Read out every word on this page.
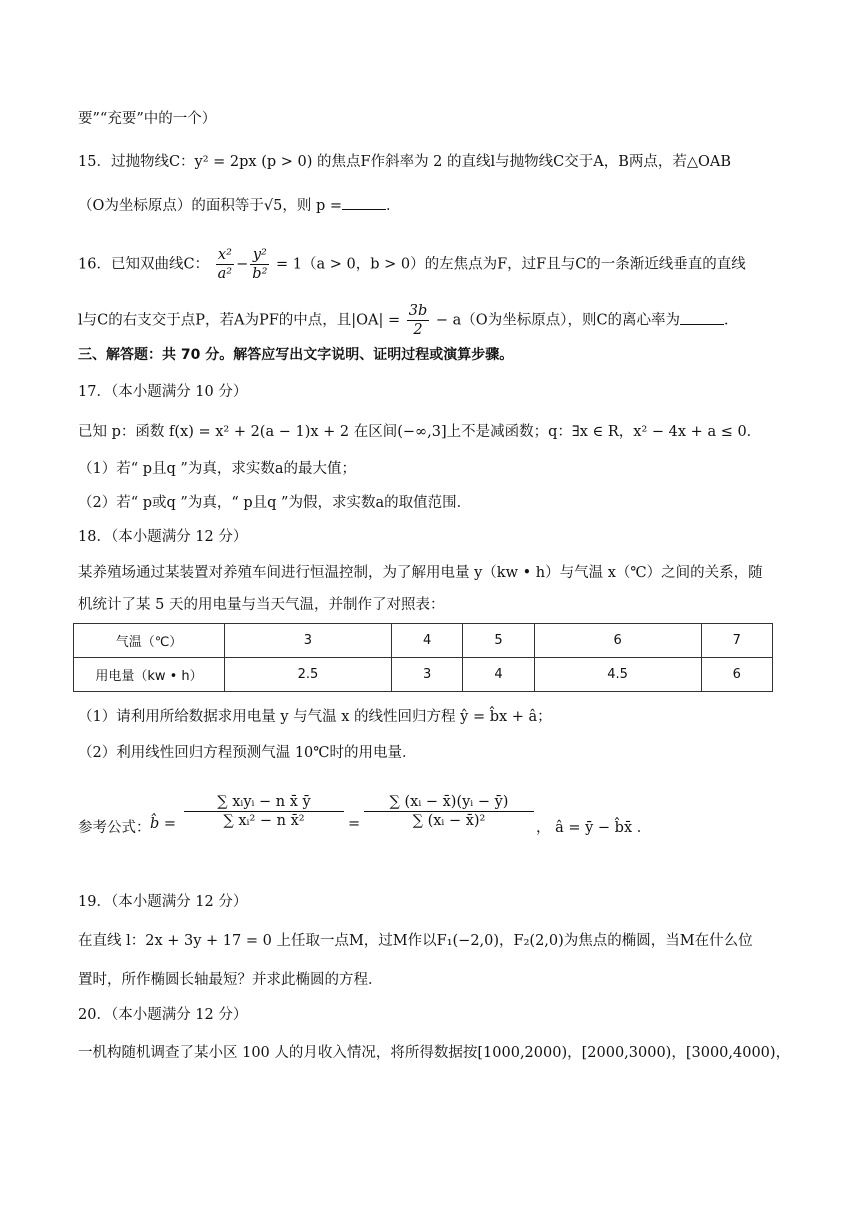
要”“充要”中的一个）
15．过抛物线C：y² = 2px (p > 0) 的焦点F作斜率为 2 的直线l与抛物线C交于A，B两点，若△OAB
（O为坐标原点）的面积等于√5，则 p =	．
16．已知双曲线C： $\frac{\text{x²}}{\text{a²}} - \frac{\text{y²}}{\text{b²}} = 1(a > 0$，b > 0）的左焦点为F，过F且与C的一条渐近线垂直的直线
l与C的右支交于点P，若A为PF的中点，且$|OA| = \frac{3b}{2} - a(O$为坐标原点），则C的离心率为	．
三、解答题：共 70 分。解答应写出文字说明、证明过程或演算步骤。
17．（本小题满分 10 分）
已知 p：函数 f(x) = x² + 2(a − 1)x + 2 在区间(−∞,3]上不是减函数；q：∃x ∈ R，x² − 4x + a ≤ 0．
（1）若“ p且q ”为真，求实数a的最大值；
（2）若“ p或q ”为真，“ p且q ”为假，求实数a的取值范围．
18．（本小题满分 12 分）
某养殖场通过某装置对养殖车间进行恒温控制，为了解用电量 y（kw • h）与气温 x（℃）之间的关系，随
机统计了某 5 天的用电量与当天气温，并制作了对照表：
气温（℃）	3	4	5	6	7
用电量（kw • h）	2.5	3	4	4.5	6
（1）请利用所给数据求用电量 y 与气温 x 的线性回归方程 ŷ = b̂x + â；
（2）利用线性回归方程预测气温 10℃时的用电量．
参考公式： b̂ =
∑ xᵢyᵢ − n x̄ ȳ
∑ xᵢ² − n x̄²	= $\frac{\text{∑ (xᵢ − x̄)(yᵢ − ȳ)}}{\text{∑ (xᵢ − x̄)²}}$ ， â = ȳ − b̂x̄ ．
19．（本小题满分 12 分）
在直线 l：2x + 3y + 17 = 0 上任取一点M，过M作以F₁(−2,0)，F₂(2,0)为焦点的椭圆，当M在什么位
置时，所作椭圆长轴最短？并求此椭圆的方程．
20．（本小题满分 12 分）
一机构随机调查了某小区 100 人的月收入情况，将所得数据按[1000,2000)，[2000,3000)，[3000,4000)，
